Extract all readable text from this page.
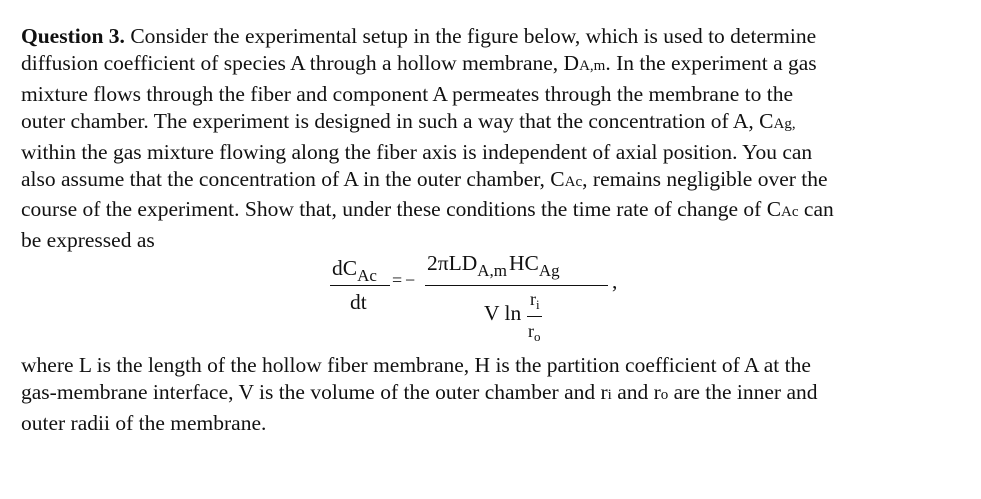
Question 3. Consider the experimental setup in the figure below, which is used to determine
diffusion coefficient of species A through a hollow membrane, DA,m. In the experiment a gas
mixture flows through the fiber and component A permeates through the membrane to the
outer chamber. The experiment is designed in such a way that the concentration of A, CAg,
within the gas mixture flowing along the fiber axis is independent of axial position. You can
also assume that the concentration of A in the outer chamber, CAc, remains negligible over the
course of the experiment. Show that, under these conditions the time rate of change of CAc can
be expressed as
$dC_{Ac}$
dt
= −
$2\pi LD_{A,m}HC_{Ag}$
V ln
$r_i$
$r_o$
,
where L is the length of the hollow fiber membrane, H is the partition coefficient of A at the
gas-membrane interface, V is the volume of the outer chamber and ri and ro are the inner and
outer radii of the membrane.
